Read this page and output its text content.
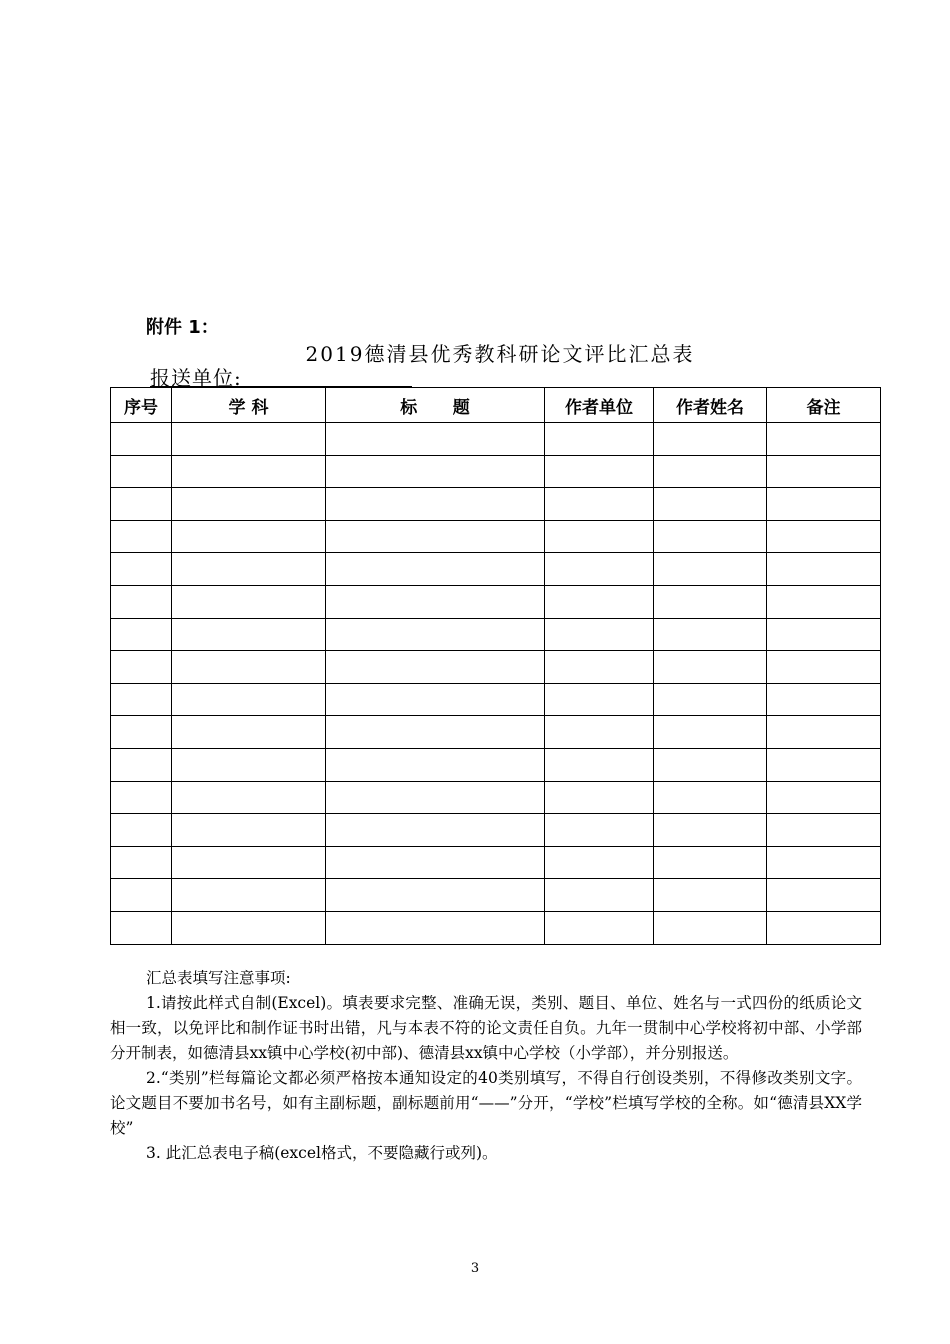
附件 1：
2019德清县优秀教科研论文评比汇总表
报送单位:
序号	学 科	标      题	作者单位	作者姓名	备注

汇总表填写注意事项:
1.请按此样式自制(Excel)。填表要求完整、准确无误，类别、题目、单位、姓名与一式四份的纸质论文相一致，以免评比和制作证书时出错，凡与本表不符的论文责任自负。九年一贯制中心学校将初中部、小学部分开制表，如德清县xx镇中心学校(初中部)、德清县xx镇中心学校（小学部），并分别报送。
2.“类别”栏每篇论文都必须严格按本通知设定的40类别填写，不得自行创设类别，不得修改类别文字。论文题目不要加书名号，如有主副标题，副标题前用“——”分开，“学校”栏填写学校的全称。如“德清县XX学校”
3. 此汇总表电子稿(excel格式，不要隐藏行或列)。
3
